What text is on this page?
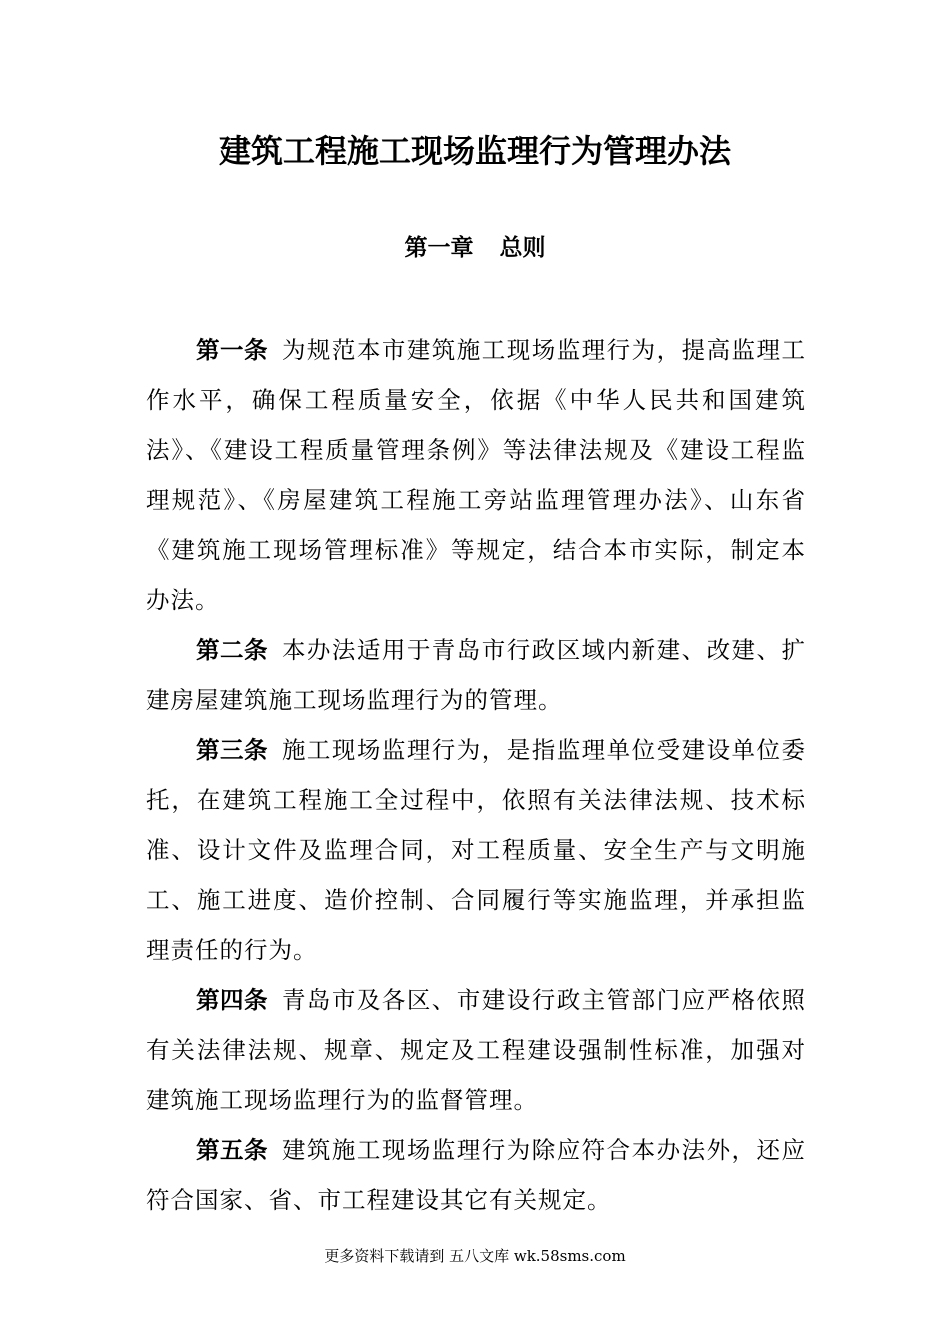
建筑工程施工现场监理行为管理办法
第一章 总则

第一条 为规范本市建筑施工现场监理行为，提高监理工作水平，确保工程质量安全，依据《中华人民共和国建筑法》、《建设工程质量管理条例》等法律法规及《建设工程监理规范》、《房屋建筑工程施工旁站监理管理办法》、山东省《建筑施工现场管理标准》等规定，结合本市实际，制定本办法。

第二条 本办法适用于青岛市行政区域内新建、改建、扩建房屋建筑施工现场监理行为的管理。

第三条 施工现场监理行为，是指监理单位受建设单位委托，在建筑工程施工全过程中，依照有关法律法规、技术标准、设计文件及监理合同，对工程质量、安全生产与文明施工、施工进度、造价控制、合同履行等实施监理，并承担监理责任的行为。

第四条 青岛市及各区、市建设行政主管部门应严格依照有关法律法规、规章、规定及工程建设强制性标准，加强对建筑施工现场监理行为的监督管理。

第五条 建筑施工现场监理行为除应符合本办法外，还应符合国家、省、市工程建设其它有关规定。

更多资料下载请到 五八文库 wk.58sms.com
